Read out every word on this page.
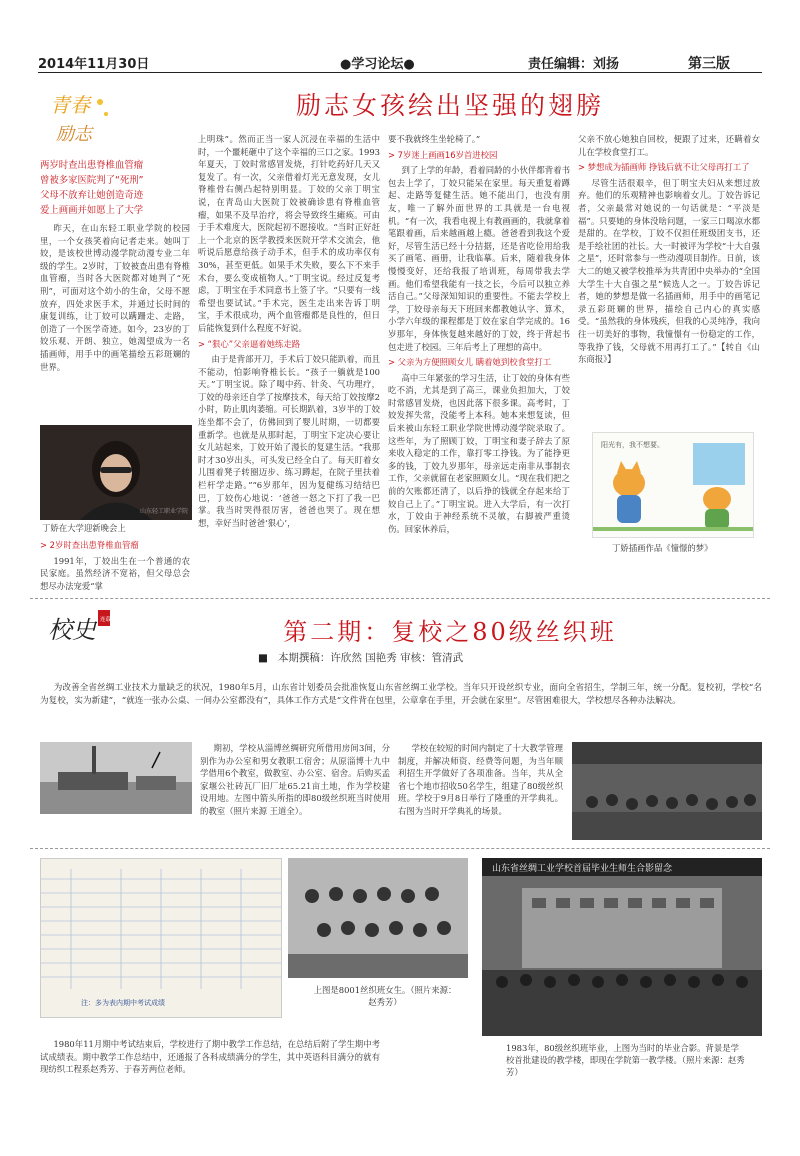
2014年11月30日	●学习论坛●	责任编辑：刘扬	第三版
青春
励志
励志女孩绘出坚强的翅膀
两岁时查出患脊椎血管瘤
曾被多家医院判了“死刑”
父母不放弃让她创造奇迹
爱上画画并如愿上了大学

昨天，在山东轻工职业学院的校园里，一个女孩笑着向记者走来。她叫丁姣，是该校世博动漫学院动漫专业二年级的学生。2岁时，丁姣被查出患有脊椎血管瘤，当时各大医院都对她判了“死刑”，可面对这个幼小的生命，父母不愿放弃，四处求医手术，并通过长时间的康复训练，让丁姣可以蹒跚走、走路，创造了一个医学奇迹。如今，23岁的丁姣乐观、开朗、独立，她渴望成为一名插画师，用手中的画笔描绘五彩斑斓的世界。

山东轻工职业学院
丁娇在大学迎新晚会上
> 2岁时查出患脊椎血管瘤

1991年，丁姣出生在一个普通的农民家庭。虽然经济不宽裕，但父母总会想尽办法宠爱“掌

上明珠”。然而正当一家人沉浸在幸福的生活中时，一个噩耗砸中了这个幸福的三口之家。1993年夏天，丁姣时常感冒发烧，打针吃药好几天又复发了。有一次，父亲借着灯光无意发现，女儿脊椎骨右侧凸起特别明显。丁姣的父亲丁明宝说，在青岛山大医院丁姣被确诊患有脊椎血管瘤，如果不及早治疗，将会导致终生瘫痪。可由于手术难度大，医院起初不愿接收。“当时正好赶上一个北京的医学教授来医院开学术交流会，他听说后愿意给孩子动手术，但手术的成功率仅有30%，甚至更低。如果手术失败，要么下不来手术台，要么变成植物人。”丁明宝说。经过反复考虑，丁明宝在手术同意书上签了字。“只要有一线希望也要试试。”手术完，医生走出来告诉丁明宝，手术很成功，两个血管瘤都是良性的，但日后能恢复到什么程度不好说。

> “狠心”父亲逼着她练走路

由于是背部开刀，手术后丁姣只能趴着，而且不能动，怕影响脊椎长长。“孩子一躺就是100天。”丁明宝说。除了喝中药、针灸、气功理疗，丁姣的母亲还自学了按摩技术，每天给丁姣按摩2小时，防止肌肉萎缩。可长期趴着，3岁半的丁姣连坐都不会了，仿佛回到了婴儿时期，一切都要重新学。也就是从那时起，丁明宝下定决心要让女儿站起来，丁姣开始了漫长的复建生活。“我那时才30岁出头，可头发已经全白了。每天盯着女儿围着凳子转圈迈步、练习蹲起，在院子里扶着栏杆学走路。”“6岁那年，因为复健练习结结巴巴，丁姣伤心地说：‘爸爸一怒之下打了我一巴掌。我当时哭得很厉害，爸爸也哭了。现在想想，幸好当时爸爸‘狠心’，

要不我就终生坐轮椅了。”

> 7岁迷上画画16岁首进校园

到了上学的年龄，看着同龄的小伙伴都背着书包去上学了，丁姣只能呆在家里。每天重复着蹲起、走路等复健生活。她不能出门，也没有朋友，唯一了解外面世界的工具就是一台电视机。“有一次，我看电视上有教画画的，我就拿着笔跟着画，后来越画越上瘾。爸爸看到我这个爱好，尽管生活已经十分拮据，还是省吃俭用给我买了画笔、画册，让我临摹。后来，随着我身体慢慢变好，还给我报了培训班，每周带我去学画。他们希望我能有一技之长，今后可以独立养活自己。”父母深知知识的重要性。不能去学校上学，丁姣母亲每天下班回来都教她认字、算术，小学六年级的课程都是丁姣在家自学完成的。16岁那年，身体恢复越来越好的丁姣，终于背起书包走进了校园。三年后考上了理想的高中。

> 父亲为方便照顾女儿 瞒着她到校食堂打工

高中三年紧张的学习生活，让丁姣的身体有些吃不消，尤其是到了高三，课业负担加大，丁姣时常感冒发烧，也因此落下很多课。高考时，丁姣发挥失常，没能考上本科。她本来想复读，但后来被山东轻工职业学院世博动漫学院录取了。这些年，为了照顾丁姣，丁明宝和妻子辞去了原来收入稳定的工作，靠打零工挣钱。为了能挣更多的钱，丁姣九岁那年，母亲远走南非从事制衣工作，父亲就留在老家照顾女儿。“现在我们把之前的欠账都还清了，以后挣的钱就全存起来给丁姣自己上了。”丁明宝说。进入大学后，有一次打水，丁姣由于神经系统不灵敏，右脚被严重烫伤。回家休养后，

父亲不放心她独自回校，便跟了过来，还瞒着女儿在学校食堂打工。

> 梦想成为插画师 挣钱后就不让父母再打工了

尽管生活很艰辛，但丁明宝夫妇从来想过放弃。他们的乐观精神也影响着女儿。丁姣告诉记者，父亲最常对她说的一句话就是：“平淡是福”。只要她的身体没啥问题，一家三口喝凉水都是甜的。在学校，丁姣不仅担任班级团支书，还是手绘社团的社长。大一时被评为学校“十大自强之星”，还时常参与一些动漫项目制作。日前，该大二的她又被学校推举为共青团中央举办的“全国大学生十大自强之星”候选人之一。丁姣告诉记者，她的梦想是做一名插画师，用手中的画笔记录五彩斑斓的世界，描绘自己内心的真实感受。“虽然我的身体残疾，但我的心灵纯净，我向往一切美好的事物，我憧憬有一份稳定的工作，等我挣了钱，父母就不用再打工了。”【转自《山东商报》】

阳光有，我不想要。
丁娇插画作品《憧憬的梦》
校史 连载	第二期：复校之80级丝织班
■   本期撰稿：许欣然 国艳秀 审核：管清武

为改善全省丝绸工业技术力量缺乏的状况，1980年5月，山东省计划委员会批准恢复山东省丝绸工业学校。当年只开设丝织专业，面向全省招生，学制三年，统一分配。复校初，学校“名为复校，实为新建”，“就连一张办公桌、一间办公室都没有”，具体工作方式是“文件背在包里，公章拿在手里，开会就在家里”。尽管困难很大，学校想尽各种办法解决。

期初，学校从淄博丝绸研究所借用房间3间，分别作为办公室和男女教职工宿舍；从原淄博十九中学借用6个教室，做教室、办公室、宿舍。后购买孟家堰公社砖瓦厂旧厂址65.21亩土地，作为学校建设用地。左图中箭头所指的即80级丝织班当时使用的教室（照片来源 王道全）。

学校在较短的时间内制定了十大教学管理制度，并解决师资、经费等问题，为当年顺利招生开学做好了各项准备。当年，共从全省七个地市招收50名学生，组建了80级丝织班。学校于9月8日举行了隆重的开学典礼。右图为当时开学典礼的场景。

注：多为表内期中考试成绩
上图是8001丝织班女生。（照片来源：赵秀芳）
山东省丝绸工业学校首届毕业生师生合影留念

1980年11月期中考试结束后，学校进行了期中教学工作总结，在总结后附了学生期中考试成绩表。期中教学工作总结中，还通报了各科成绩满分的学生，其中英语科目满分的就有现纺织工程系赵秀芳、于春芳两位老师。

1983年，80级丝织班毕业，上图为当时的毕业合影。背景是学校首批建设的教学楼，即现在学院第一教学楼。（照片来源：赵秀芳）
